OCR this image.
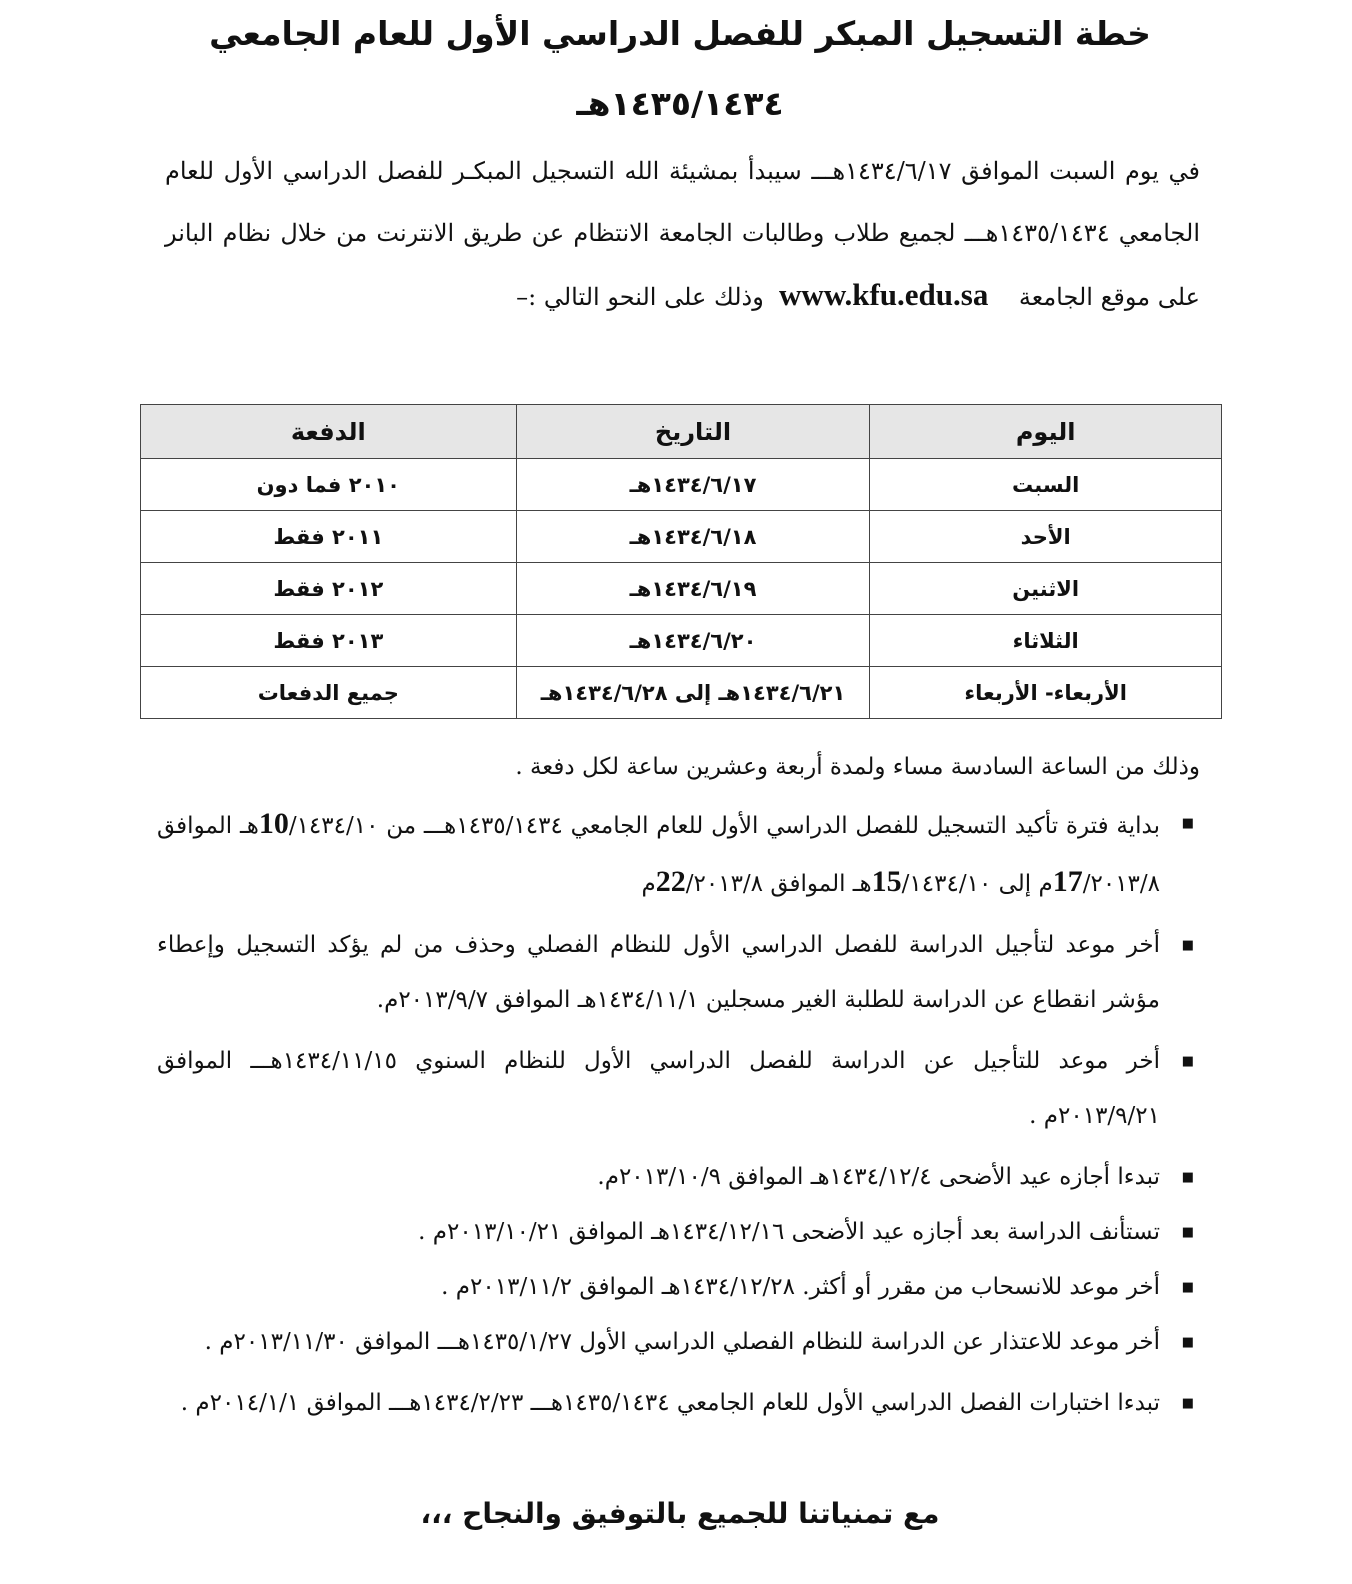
خطة التسجيل المبكر للفصل الدراسي الأول للعام الجامعي
١٤٣٥/١٤٣٤هـ

في يوم السبت الموافق ١٤٣٤/٦/١٧هـــ سيبدأ بمشيئة الله التسجيل المبكـر للفصل الدراسي الأول للعام الجامعي ١٤٣٥/١٤٣٤هـــ لجميع طلاب وطالبات الجامعة الانتظام عن طريق الانترنت من خلال نظام البانر على موقع الجامعة    www.kfu.edu.sa  وذلك على النحو التالي :–

اليوم	التاريخ	الدفعة
السبت	١٤٣٤/٦/١٧هـ	٢٠١٠ فما دون
الأحد	١٤٣٤/٦/١٨هـ	٢٠١١ فقط
الاثنين	١٤٣٤/٦/١٩هـ	٢٠١٢ فقط
الثلاثاء	١٤٣٤/٦/٢٠هـ	٢٠١٣ فقط
الأربعاء- الأربعاء	١٤٣٤/٦/٢١هـ إلى ١٤٣٤/٦/٢٨هـ	جميع الدفعات

وذلك من الساعة السادسة مساء ولمدة أربعة وعشرين ساعة لكل دفعة .

■
بداية فترة تأكيد التسجيل للفصل الدراسي الأول للعام الجامعي ١٤٣٥/١٤٣٤هـــ من 10/١٤٣٤/١٠هـ الموافق 17/٢٠١٣/٨م إلى 15/١٤٣٤/١٠هـ الموافق 22/٢٠١٣/٨م
■
أخر موعد لتأجيل الدراسة للفصل الدراسي الأول للنظام الفصلي وحذف من لم يؤكد التسجيل وإعطاء مؤشر انقطاع عن الدراسة للطلبة الغير مسجلين ١٤٣٤/١١/١هـ الموافق ٢٠١٣/٩/٧م.
■
أخر موعد للتأجيل عن الدراسة للفصل الدراسي الأول للنظام السنوي ١٤٣٤/١١/١٥هـــ الموافق ٢٠١٣/٩/٢١م .
■
تبدءا أجازه عيد الأضحى ١٤٣٤/١٢/٤هـ الموافق ٢٠١٣/١٠/٩م.
■
تستأنف الدراسة بعد أجازه عيد الأضحى ١٤٣٤/١٢/١٦هـ الموافق ٢٠١٣/١٠/٢١م .
■
أخر موعد للانسحاب من مقرر أو أكثر. ١٤٣٤/١٢/٢٨هـ الموافق ٢٠١٣/١١/٢م .
■
أخر موعد للاعتذار عن الدراسة للنظام الفصلي الدراسي الأول ١٤٣٥/١/٢٧هـــ الموافق ٢٠١٣/١١/٣٠م .
■
تبدءا اختبارات الفصل الدراسي الأول للعام الجامعي ١٤٣٥/١٤٣٤هـــ ١٤٣٤/٢/٢٣هـــ الموافق ٢٠١٤/١/١م .

مع تمنياتنا للجميع بالتوفيق والنجاح ،،،
